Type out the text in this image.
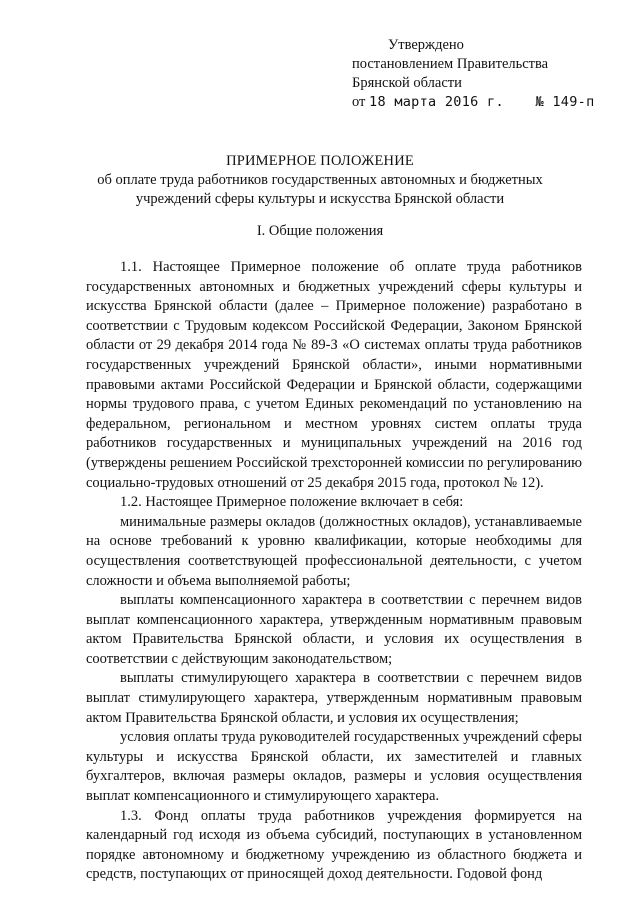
Утверждено
постановлением Правительства
Брянской области
от 18 марта 2016 г. № 149-п
ПРИМЕРНОЕ ПОЛОЖЕНИЕ
об оплате труда работников государственных автономных и бюджетных
учреждений сферы культуры и искусства Брянской области
I. Общие положения

1.1. Настоящее Примерное положение об оплате труда работников государственных автономных и бюджетных учреждений сферы культуры и искусства Брянской области (далее – Примерное положение) разработано в соответствии с Трудовым кодексом Российской Федерации, Законом Брянской области от 29 декабря 2014 года № 89-З «О системах оплаты труда работников государственных учреждений Брянской области», иными нормативными правовыми актами Российской Федерации и Брянской области, содержащими нормы трудового права, с учетом Единых рекомендаций по установлению на федеральном, региональном и местном уровнях систем оплаты труда работников государственных и муниципальных учреждений на 2016 год (утверждены решением Российской трехсторонней комиссии по регулированию социально-трудовых отношений от 25 декабря 2015 года, протокол № 12).

1.2. Настоящее Примерное положение включает в себя:

минимальные размеры окладов (должностных окладов), устанавливаемые на основе требований к уровню квалификации, которые необходимы для осуществления соответствующей профессиональной деятельности, с учетом сложности и объема выполняемой работы;

выплаты компенсационного характера в соответствии с перечнем видов выплат компенсационного характера, утвержденным нормативным правовым актом Правительства Брянской области, и условия их осуществления в соответствии с действующим законодательством;

выплаты стимулирующего характера в соответствии с перечнем видов выплат стимулирующего характера, утвержденным нормативным правовым актом Правительства Брянской области, и условия их осуществления;

условия оплаты труда руководителей государственных учреждений сферы культуры и искусства Брянской области, их заместителей и главных бухгалтеров, включая размеры окладов, размеры и условия осуществления выплат компенсационного и стимулирующего характера.

1.3. Фонд оплаты труда работников учреждения формируется на календарный год исходя из объема субсидий, поступающих в установленном порядке автономному и бюджетному учреждению из областного бюджета и средств, поступающих от приносящей доход деятельности. Годовой фонд
